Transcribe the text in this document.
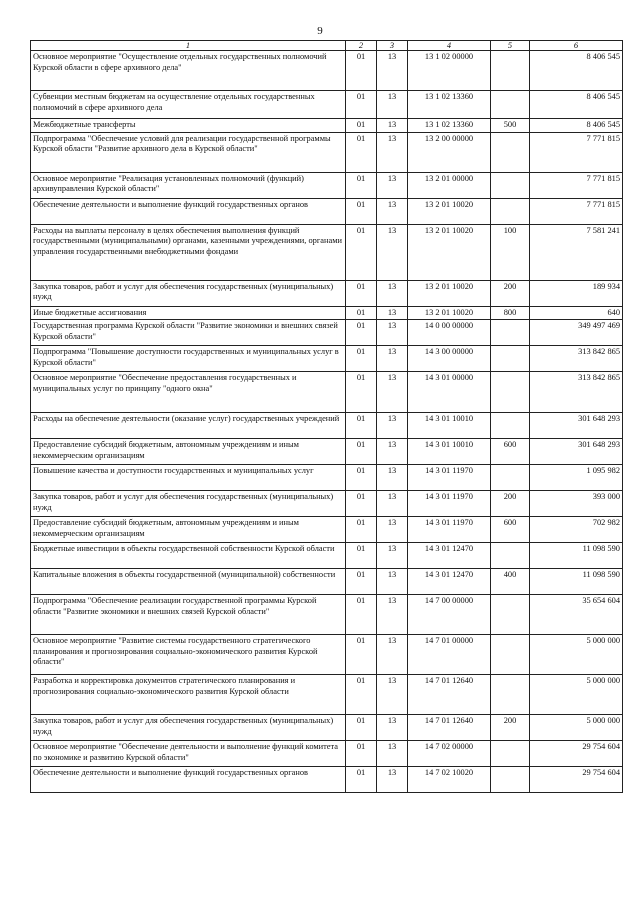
9
1	2	3	4	5	6
Основное мероприятие "Осуществление отдельных государственных полномочий Курской области в сфере архивного дела"	01	13	13 1 02 00000		8 406 545
Субвенции местным бюджетам на осуществление отдельных государственных полномочий в сфере архивного дела	01	13	13 1 02 13360		8 406 545
Межбюджетные трансферты	01	13	13 1 02 13360	500	8 406 545
Подпрограмма "Обеспечение условий для реализации государственной программы Курской области "Развитие архивного дела в Курской области"	01	13	13 2 00 00000		7 771 815
Основное мероприятие "Реализация установленных полномочий (функций) архивуправления Курской области"	01	13	13 2 01 00000		7 771 815
Обеспечение деятельности и выполнение функций государственных органов	01	13	13 2 01 10020		7 771 815
Расходы на выплаты персоналу в целях обеспечения выполнения функций государственными (муниципальными) органами, казенными учреждениями, органами управления государственными внебюджетными фондами	01	13	13 2 01 10020	100	7 581 241
Закупка товаров, работ и услуг для обеспечения государственных (муниципальных) нужд	01	13	13 2 01 10020	200	189 934
Иные бюджетные ассигнования	01	13	13 2 01 10020	800	640
Государственная программа Курской области "Развитие экономики и внешних связей Курской области"	01	13	14 0 00 00000		349 497 469
Подпрограмма "Повышение доступности государственных и муниципальных услуг в Курской области"	01	13	14 3 00 00000		313 842 865
Основное мероприятие "Обеспечение предоставления государственных и муниципальных услуг по принципу "одного окна"	01	13	14 3 01 00000		313 842 865
Расходы на обеспечение деятельности (оказание услуг) государственных учреждений	01	13	14 3 01 10010		301 648 293
Предоставление субсидий бюджетным, автономным учреждениям и иным некоммерческим организациям	01	13	14 3 01 10010	600	301 648 293
Повышение качества и доступности государственных и муниципальных услуг	01	13	14 3 01 11970		1 095 982
Закупка товаров, работ и услуг для обеспечения государственных (муниципальных) нужд	01	13	14 3 01 11970	200	393 000
Предоставление субсидий бюджетным, автономным учреждениям и иным некоммерческим организациям	01	13	14 3 01 11970	600	702 982
Бюджетные инвестиции в объекты государственной собственности Курской области	01	13	14 3 01 12470		11 098 590
Капитальные вложения в объекты государственной (муниципальной) собственности	01	13	14 3 01 12470	400	11 098 590
Подпрограмма "Обеспечение реализации государственной программы Курской области "Развитие экономики и внешних связей Курской области"	01	13	14 7 00 00000		35 654 604
Основное мероприятие "Развитие системы государственного стратегического планирования и прогнозирования социально-экономического развития Курской области"	01	13	14 7 01 00000		5 000 000
Разработка и корректировка документов стратегического планирования и прогнозирования социально-экономического развития Курской области	01	13	14 7 01 12640		5 000 000
Закупка товаров, работ и услуг для обеспечения государственных (муниципальных) нужд	01	13	14 7 01 12640	200	5 000 000
Основное мероприятие "Обеспечение деятельности и выполнение функций комитета по экономике и развитию Курской области"	01	13	14 7 02 00000		29 754 604
Обеспечение деятельности и выполнение функций государственных органов	01	13	14 7 02 10020		29 754 604
